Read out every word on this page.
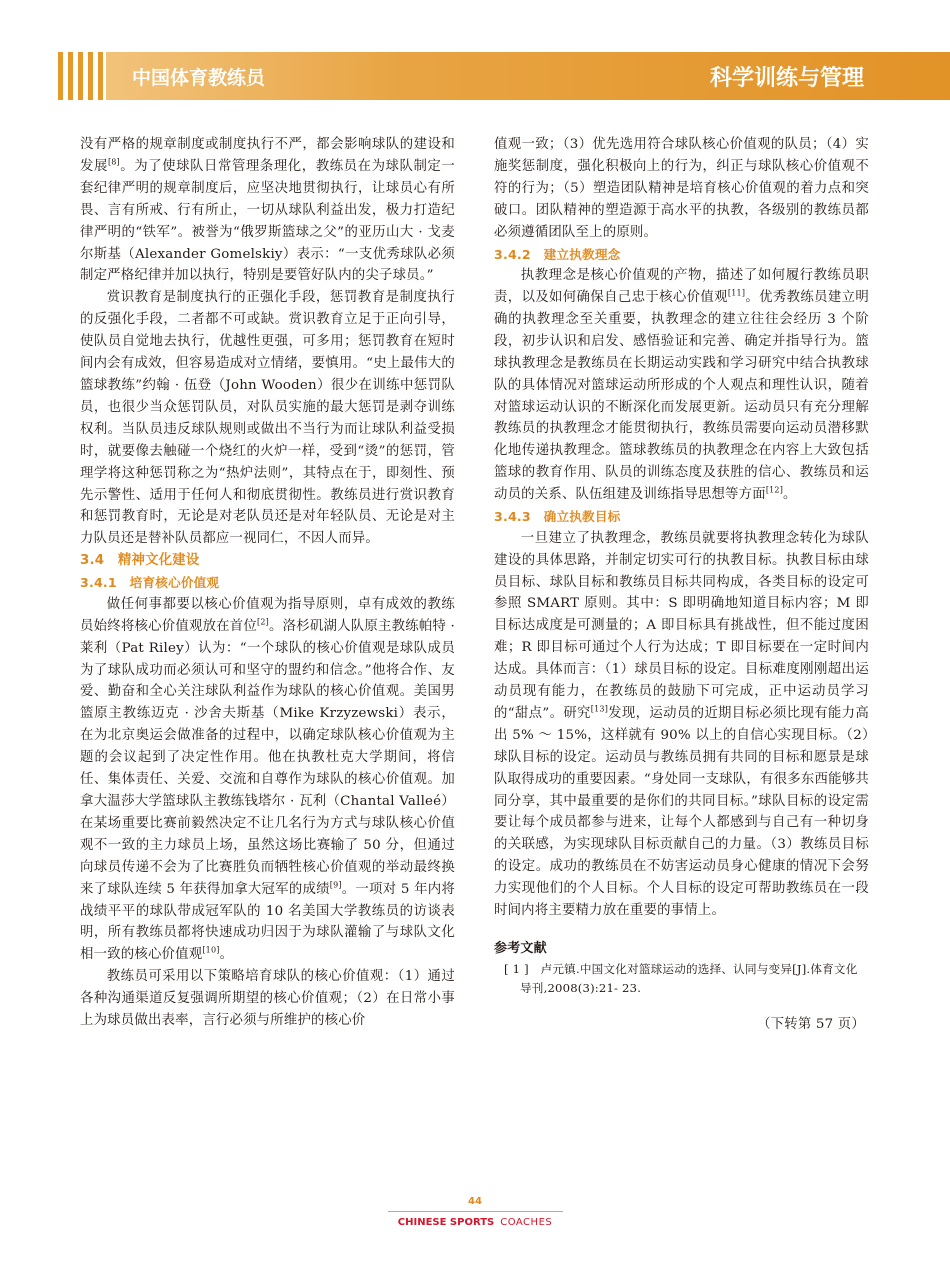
中国体育教练员	科学训练与管理

没有严格的规章制度或制度执行不严，都会影响球队的建设和发展[8]。为了使球队日常管理条理化，教练员在为球队制定一套纪律严明的规章制度后，应坚决地贯彻执行，让球员心有所畏、言有所戒、行有所止，一切从球队利益出发，极力打造纪律严明的“铁军”。被誉为“俄罗斯篮球之父”的亚历山大 · 戈麦尔斯基（Alexander Gomelskiy）表示：“一支优秀球队必须制定严格纪律并加以执行，特别是要管好队内的尖子球员。”

赏识教育是制度执行的正强化手段，惩罚教育是制度执行的反强化手段，二者都不可或缺。赏识教育立足于正向引导，使队员自觉地去执行，优越性更强，可多用；惩罚教育在短时间内会有成效，但容易造成对立情绪，要慎用。“史上最伟大的篮球教练”约翰 · 伍登（John Wooden）很少在训练中惩罚队员，也很少当众惩罚队员，对队员实施的最大惩罚是剥夺训练权利。当队员违反球队规则或做出不当行为而让球队利益受损时，就要像去触碰一个烧红的火炉一样，受到“烫”的惩罚，管理学将这种惩罚称之为“热炉法则”，其特点在于，即刻性、预先示警性、适用于任何人和彻底贯彻性。教练员进行赏识教育和惩罚教育时，无论是对老队员还是对年轻队员、无论是对主力队员还是替补队员都应一视同仁，不因人而异。

3.4　精神文化建设
3.4.1　培育核心价值观

做任何事都要以核心价值观为指导原则，卓有成效的教练员始终将核心价值观放在首位[2]。洛杉矶湖人队原主教练帕特 · 莱利（Pat Riley）认为：“一个球队的核心价值观是球队成员为了球队成功而必须认可和坚守的盟约和信念。”他将合作、友爱、勤奋和全心关注球队利益作为球队的核心价值观。美国男篮原主教练迈克 · 沙舍夫斯基（Mike Krzyzewski）表示，在为北京奥运会做准备的过程中，以确定球队核心价值观为主题的会议起到了决定性作用。他在执教杜克大学期间，将信任、集体责任、关爱、交流和自尊作为球队的核心价值观。加拿大温莎大学篮球队主教练钱塔尔 · 瓦利（Chantal Valleé）在某场重要比赛前毅然决定不让几名行为方式与球队核心价值观不一致的主力球员上场，虽然这场比赛输了 50 分，但通过向球员传递不会为了比赛胜负而牺牲核心价值观的举动最终换来了球队连续 5 年获得加拿大冠军的成绩[9]。一项对 5 年内将战绩平平的球队带成冠军队的 10 名美国大学教练员的访谈表明，所有教练员都将快速成功归因于为球队灌输了与球队文化相一致的核心价值观[10]。

教练员可采用以下策略培育球队的核心价值观：（1）通过各种沟通渠道反复强调所期望的核心价值观；（2）在日常小事上为球员做出表率，言行必须与所维护的核心价

值观一致；（3）优先选用符合球队核心价值观的队员；（4）实施奖惩制度，强化积极向上的行为，纠正与球队核心价值观不符的行为；（5）塑造团队精神是培育核心价值观的着力点和突破口。团队精神的塑造源于高水平的执教，各级别的教练员都必须遵循团队至上的原则。

3.4.2　建立执教理念

执教理念是核心价值观的产物，描述了如何履行教练员职责，以及如何确保自己忠于核心价值观[11]。优秀教练员建立明确的执教理念至关重要，执教理念的建立往往会经历 3 个阶段，初步认识和启发、感悟验证和完善、确定并指导行为。篮球执教理念是教练员在长期运动实践和学习研究中结合执教球队的具体情况对篮球运动所形成的个人观点和理性认识，随着对篮球运动认识的不断深化而发展更新。运动员只有充分理解教练员的执教理念才能贯彻执行，教练员需要向运动员潜移默化地传递执教理念。篮球教练员的执教理念在内容上大致包括篮球的教育作用、队员的训练态度及获胜的信心、教练员和运动员的关系、队伍组建及训练指导思想等方面[12]。

3.4.3　确立执教目标

一旦建立了执教理念，教练员就要将执教理念转化为球队建设的具体思路，并制定切实可行的执教目标。执教目标由球员目标、球队目标和教练员目标共同构成，各类目标的设定可参照 SMART 原则。其中：S 即明确地知道目标内容；M 即目标达成度是可测量的；A 即目标具有挑战性，但不能过度困难；R 即目标可通过个人行为达成；T 即目标要在一定时间内达成。具体而言：（1）球员目标的设定。目标难度刚刚超出运动员现有能力，在教练员的鼓励下可完成，正中运动员学习的“甜点”。研究[13]发现，运动员的近期目标必须比现有能力高出 5% ～ 15%，这样就有 90% 以上的自信心实现目标。（2）球队目标的设定。运动员与教练员拥有共同的目标和愿景是球队取得成功的重要因素。“身处同一支球队，有很多东西能够共同分享，其中最重要的是你们的共同目标。”球队目标的设定需要让每个成员都参与进来，让每个人都感到与自己有一种切身的关联感，为实现球队目标贡献自己的力量。（3）教练员目标的设定。成功的教练员在不妨害运动员身心健康的情况下会努力实现他们的个人目标。个人目标的设定可帮助教练员在一段时间内将主要精力放在重要的事情上。

参考文献
[ 1 ]　卢元镇.中国文化对篮球运动的选择、认同与变异[J].体育文化导刊,2008(3):21- 23.
（下转第 57 页）
44
CHINESE SPORTS COACHES
